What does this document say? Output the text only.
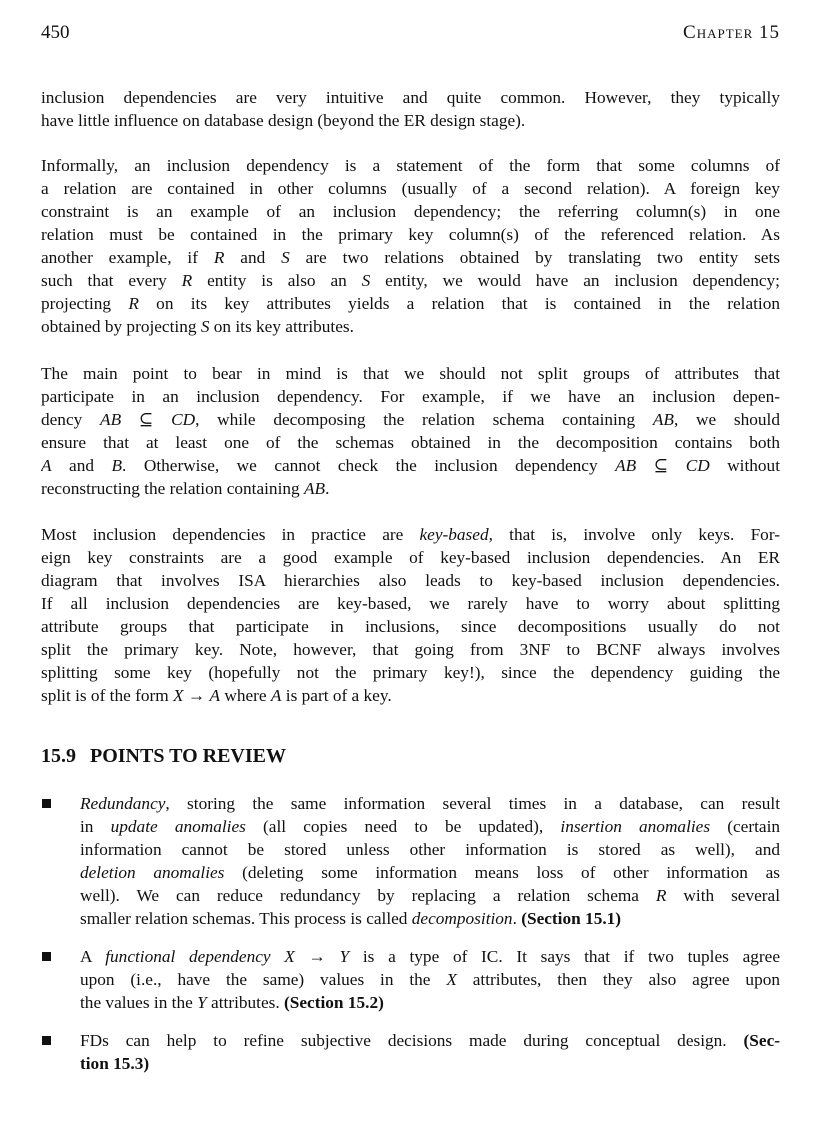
450	Chapter 15
15.9 POINTS TO REVIEW
inclusion dependencies are very intuitive and quite common. However, they typically
have little influence on database design (beyond the ER design stage).
Informally, an inclusion dependency is a statement of the form that some columns of
a relation are contained in other columns (usually of a second relation). A foreign key
constraint is an example of an inclusion dependency; the referring column(s) in one
relation must be contained in the primary key column(s) of the referenced relation. As
another example, if R and S are two relations obtained by translating two entity sets
such that every R entity is also an S entity, we would have an inclusion dependency;
projecting R on its key attributes yields a relation that is contained in the relation
obtained by projecting S on its key attributes.
The main point to bear in mind is that we should not split groups of attributes that
participate in an inclusion dependency. For example, if we have an inclusion depen-
dency AB ⊆ CD, while decomposing the relation schema containing AB, we should
ensure that at least one of the schemas obtained in the decomposition contains both
A and B. Otherwise, we cannot check the inclusion dependency AB ⊆ CD without
reconstructing the relation containing AB.
Most inclusion dependencies in practice are key-based, that is, involve only keys. For-
eign key constraints are a good example of key-based inclusion dependencies. An ER
diagram that involves ISA hierarchies also leads to key-based inclusion dependencies.
If all inclusion dependencies are key-based, we rarely have to worry about splitting
attribute groups that participate in inclusions, since decompositions usually do not
split the primary key. Note, however, that going from 3NF to BCNF always involves
splitting some key (hopefully not the primary key!), since the dependency guiding the
split is of the form X → A where A is part of a key.
Redundancy, storing the same information several times in a database, can result
in update anomalies (all copies need to be updated), insertion anomalies (certain
information cannot be stored unless other information is stored as well), and
deletion anomalies (deleting some information means loss of other information as
well). We can reduce redundancy by replacing a relation schema R with several
smaller relation schemas. This process is called decomposition. (Section 15.1)
A functional dependency X → Y is a type of IC. It says that if two tuples agree
upon (i.e., have the same) values in the X attributes, then they also agree upon
the values in the Y attributes. (Section 15.2)
FDs can help to refine subjective decisions made during conceptual design. (Sec-
tion 15.3)
